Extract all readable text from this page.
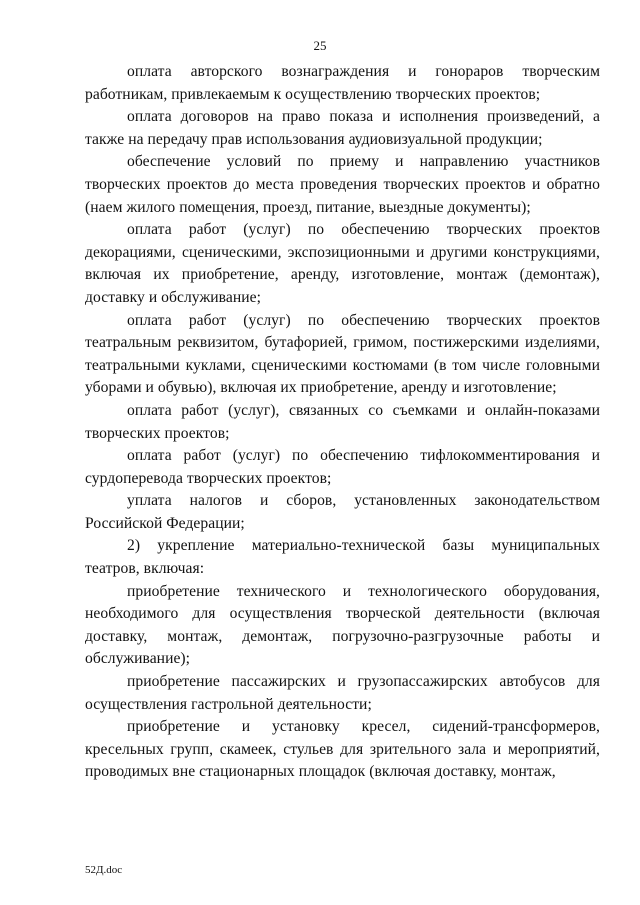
25

оплата авторского вознаграждения и гонораров творческим работникам, привлекаемым к осуществлению творческих проектов;

оплата договоров на право показа и исполнения произведений, а также на передачу прав использования аудиовизуальной продукции;

обеспечение условий по приему и направлению участников творческих проектов до места проведения творческих проектов и обратно (наем жилого помещения, проезд, питание, выездные документы);

оплата работ (услуг) по обеспечению творческих проектов декорациями, сценическими, экспозиционными и другими конструкциями, включая их приобретение, аренду, изготовление, монтаж (демонтаж), доставку и обслуживание;

оплата работ (услуг) по обеспечению творческих проектов театральным реквизитом, бутафорией, гримом, постижерскими изделиями, театральными куклами, сценическими костюмами (в том числе головными уборами и обувью), включая их приобретение, аренду и изготовление;

оплата работ (услуг), связанных со съемками и онлайн-показами творческих проектов;

оплата работ (услуг) по обеспечению тифлокомментирования и сурдоперевода творческих проектов;

уплата налогов и сборов, установленных законодательством Российской Федерации;

2) укрепление материально-технической базы муниципальных театров, включая:

приобретение технического и технологического оборудования, необходимого для осуществления творческой деятельности (включая доставку, монтаж, демонтаж, погрузочно-разгрузочные работы и обслуживание);

приобретение пассажирских и грузопассажирских автобусов для осуществления гастрольной деятельности;

приобретение и установку кресел, сидений-трансформеров, кресельных групп, скамеек, стульев для зрительного зала и мероприятий, проводимых вне стационарных площадок (включая доставку, монтаж,

52Д.doc
